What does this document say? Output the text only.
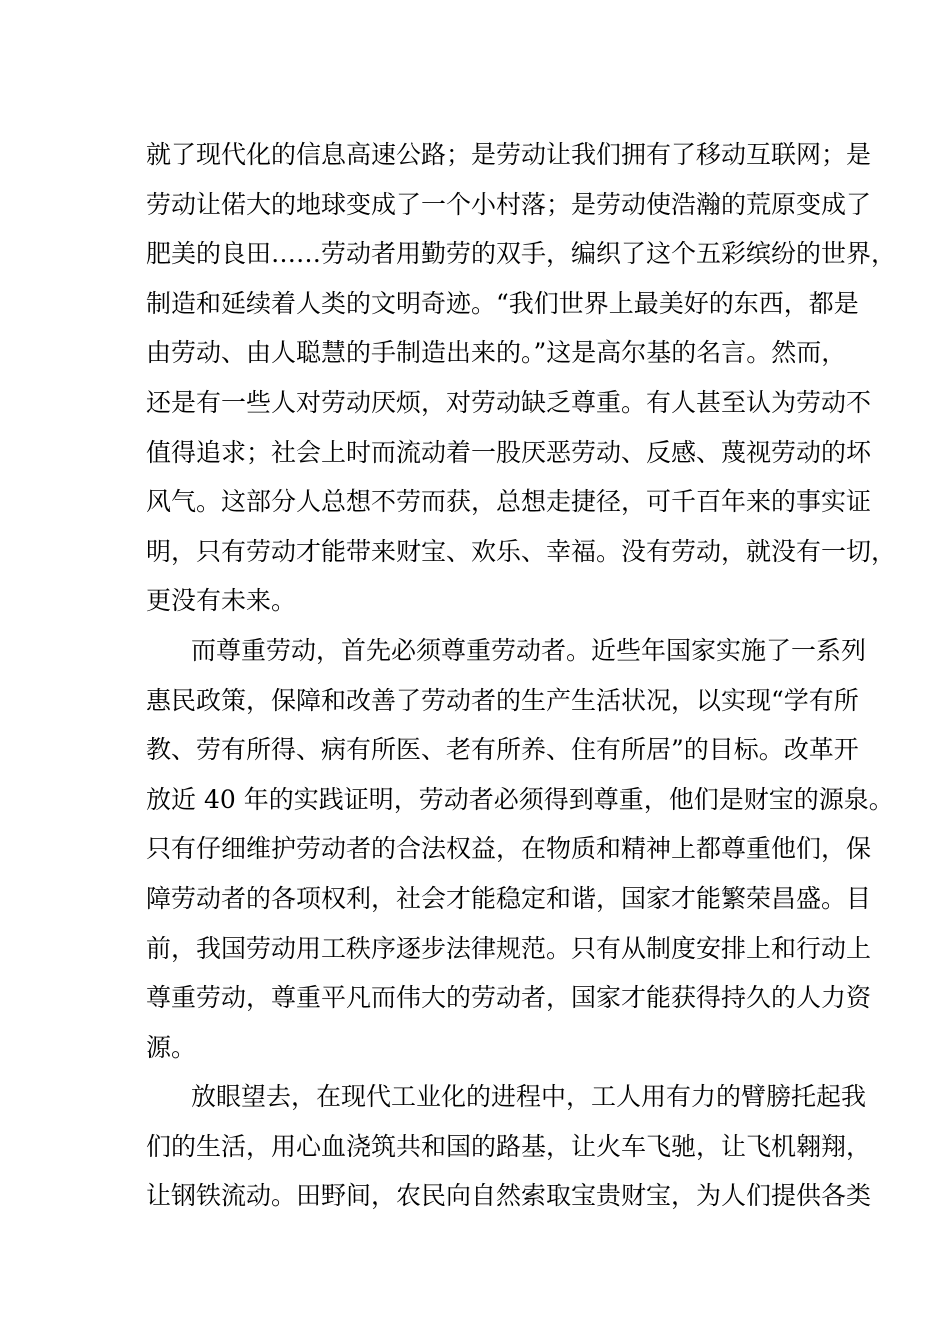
就了现代化的信息高速公路；是劳动让我们拥有了移动互联网；是
劳动让偌大的地球变成了一个小村落；是劳动使浩瀚的荒原变成了
肥美的良田……劳动者用勤劳的双手，编织了这个五彩缤纷的世界，
制造和延续着人类的文明奇迹。“我们世界上最美好的东西，都是
由劳动、由人聪慧的手制造出来的。”这是高尔基的名言。然而，
还是有一些人对劳动厌烦，对劳动缺乏尊重。有人甚至认为劳动不
值得追求；社会上时而流动着一股厌恶劳动、反感、蔑视劳动的坏
风气。这部分人总想不劳而获，总想走捷径，可千百年来的事实证
明，只有劳动才能带来财宝、欢乐、幸福。没有劳动，就没有一切，
更没有未来。
而尊重劳动，首先必须尊重劳动者。近些年国家实施了一系列
惠民政策，保障和改善了劳动者的生产生活状况，以实现“学有所
教、劳有所得、病有所医、老有所养、住有所居”的目标。改革开
放近 40 年的实践证明，劳动者必须得到尊重，他们是财宝的源泉。
只有仔细维护劳动者的合法权益，在物质和精神上都尊重他们，保
障劳动者的各项权利，社会才能稳定和谐，国家才能繁荣昌盛。目
前，我国劳动用工秩序逐步法律规范。只有从制度安排上和行动上
尊重劳动，尊重平凡而伟大的劳动者，国家才能获得持久的人力资
源。
放眼望去，在现代工业化的进程中，工人用有力的臂膀托起我
们的生活，用心血浇筑共和国的路基，让火车飞驰，让飞机翱翔，
让钢铁流动。田野间，农民向自然索取宝贵财宝，为人们提供各类
